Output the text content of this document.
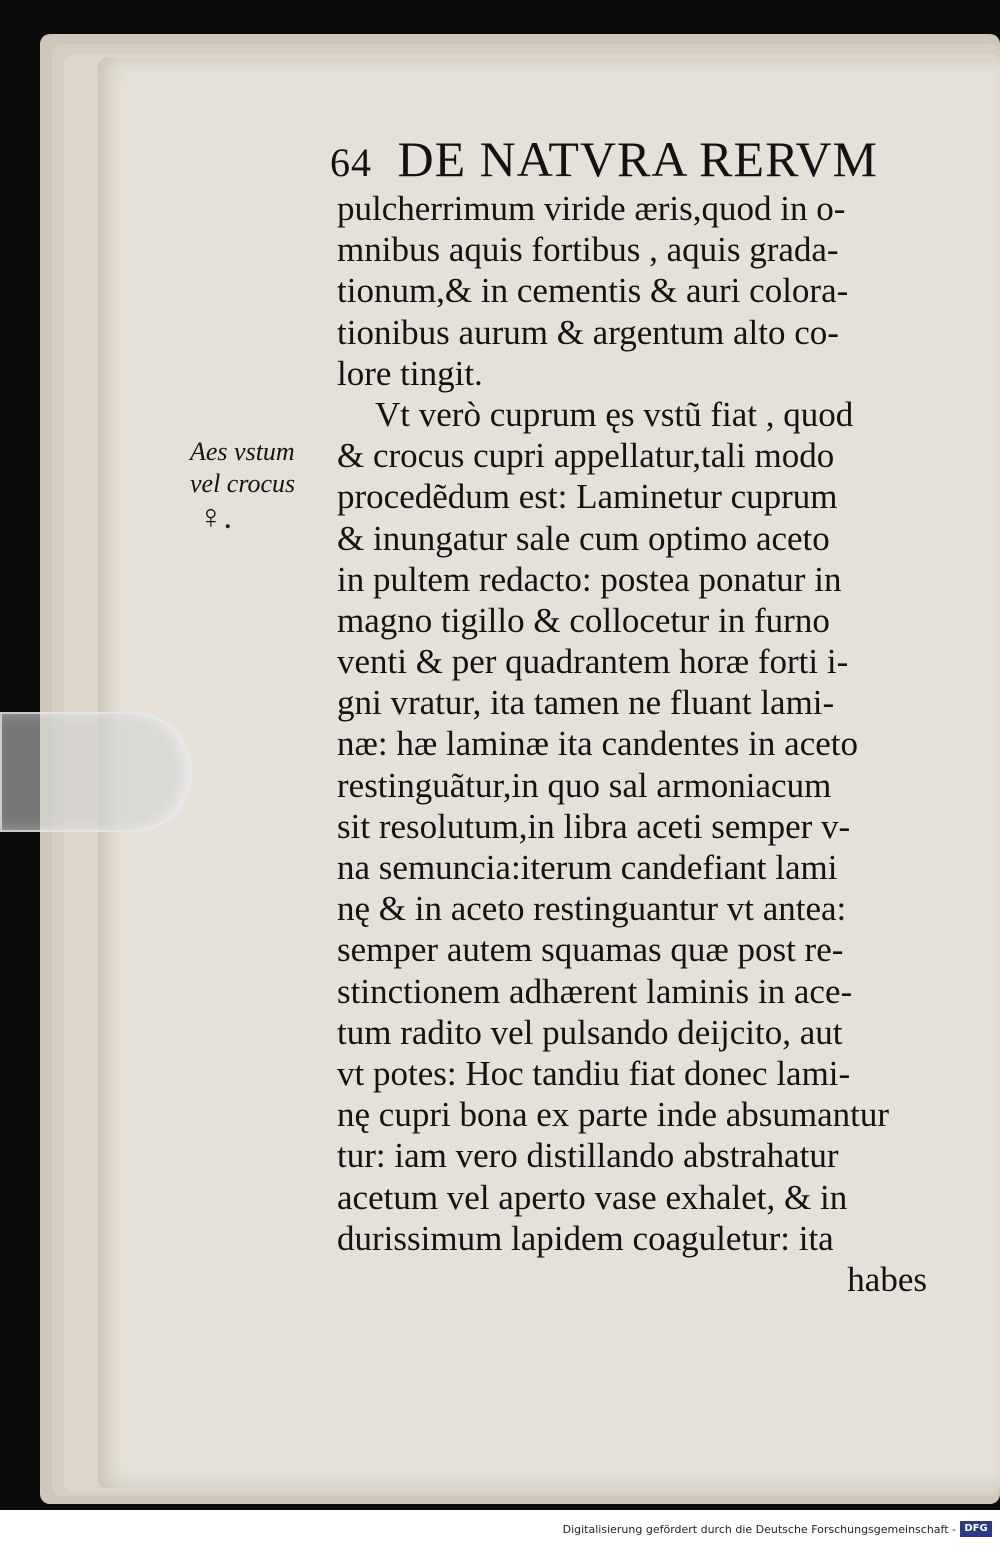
64 DE NATVRA RERVM
Aes vstum
vel crocus
♀.
pulcherrimum viride æris,quod in o-
mnibus aquis fortibus , aquis grada-
tionum,& in cementis & auri colora-
tionibus aurum & argentum alto co-
lore tingit.
Vt verò cuprum ęs vstũ fiat , quod
& crocus cupri appellatur,tali modo
procedẽdum est: Laminetur cuprum
& inungatur sale cum optimo aceto
in pultem redacto: postea ponatur in
magno tigillo & collocetur in furno
venti & per quadrantem horæ forti i-
gni vratur, ita tamen ne fluant lami-
næ: hæ laminæ ita candentes in aceto
restinguãtur,in quo sal armoniacum
sit resolutum,in libra aceti semper v-
na semuncia:iterum candefiant lami
nę & in aceto restinguantur vt antea:
semper autem squamas quæ post re-
stinctionem adhærent laminis in ace-
tum radito vel pulsando deijcito, aut
vt potes: Hoc tandiu fiat donec lami-
nę cupri bona ex parte inde absumantur
tur: iam vero distillando abstrahatur
acetum vel aperto vase exhalet, & in
durissimum lapidem coaguletur: ita
habes
Digitalisierung gefördert durch die Deutsche Forschungsgemeinschaft - DFG
